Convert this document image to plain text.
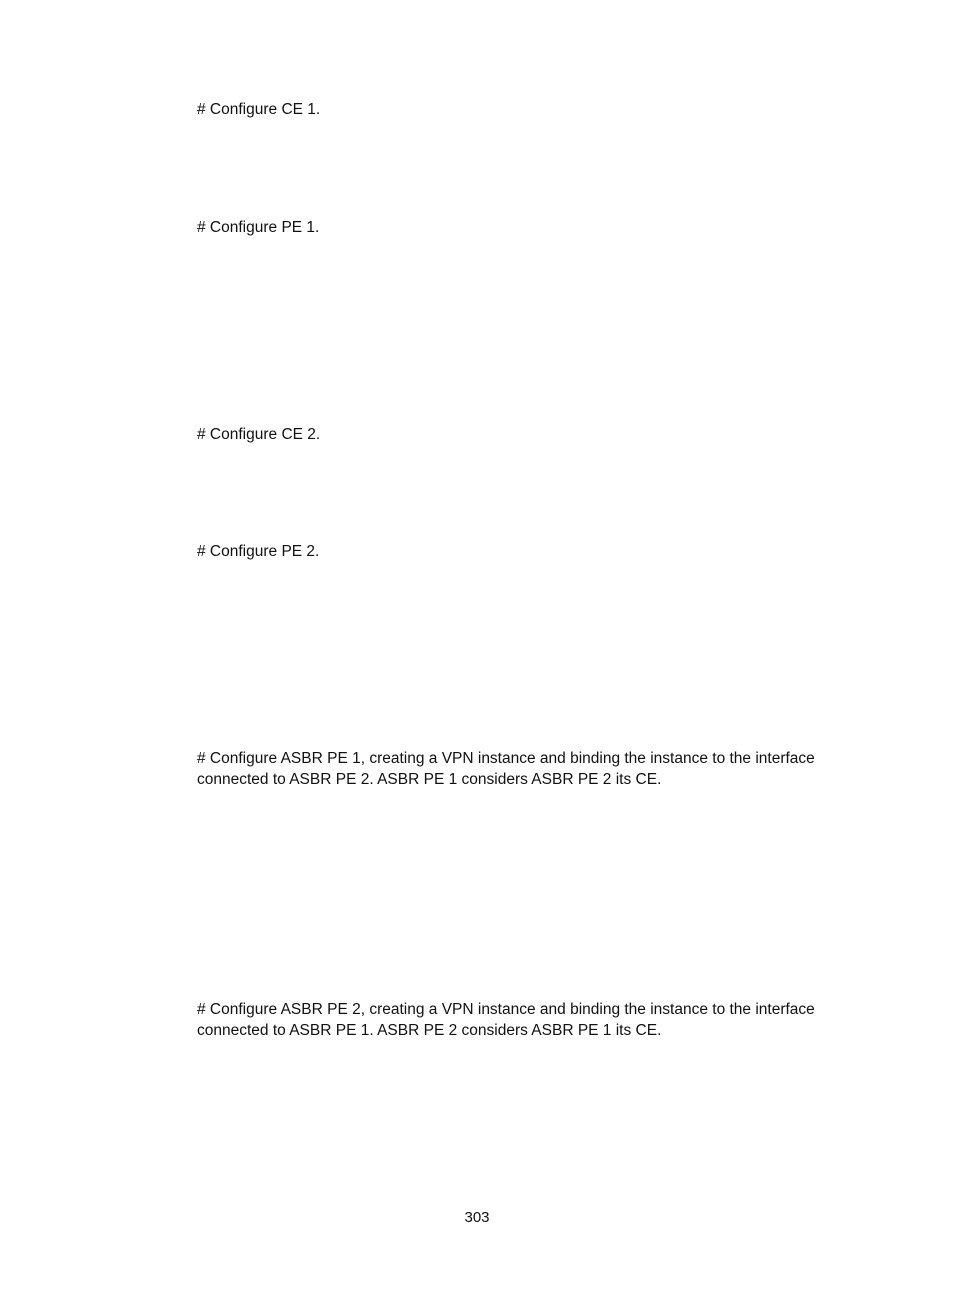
# Configure CE 1.

# Configure PE 1.

# Configure CE 2.

# Configure PE 2.

# Configure ASBR PE 1, creating a VPN instance and binding the instance to the interface connected to ASBR PE 2. ASBR PE 1 considers ASBR PE 2 its CE.

# Configure ASBR PE 2, creating a VPN instance and binding the instance to the interface connected to ASBR PE 1. ASBR PE 2 considers ASBR PE 1 its CE.

303
